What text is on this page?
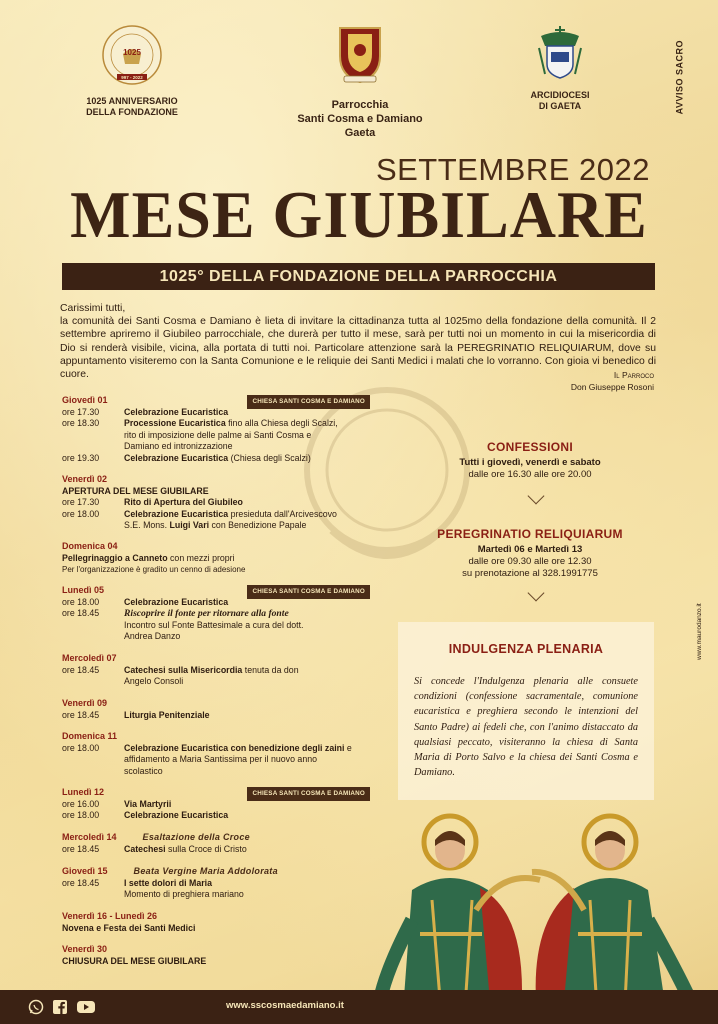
1025 ANNIVERSARIO
DELLA FONDAZIONE
1025
997 - 2022
Parrocchia
Santi Cosma e Damiano
Gaeta
ARCIDIOCESI
DI GAETA	AVVISO SACRO
SETTEMBRE 2022
MESE GIUBILARE
1025° DELLA FONDAZIONE DELLA PARROCCHIA
Carissimi tutti,
la comunità dei Santi Cosma e Damiano è lieta di invitare la cittadinanza tutta al 1025mo della fondazione della comunità. Il 2 settembre apriremo il Giubileo parrocchiale, che durerà per tutto il mese, sarà per tutti noi un momento in cui la misericordia di Dio si renderà visibile, vicina, alla portata di tutti noi. Particolare attenzione sarà la PEREGRINATIO RELIQUIARUM, dove su appuntamento visiteremo con la Santa Comunione e le reliquie dei Santi Medici i malati che lo vorranno. Con gioia vi benedico di cuore.	Il Parroco
Don Giuseppe Rosoni
CHIESA SANTI COSMA E DAMIANO
Giovedì 01
ore 17.30	Celebrazione Eucaristica
ore 18.30	Processione Eucaristica fino alla Chiesa degli Scalzi, rito di imposizione delle palme ai Santi Cosma e Damiano ed intronizzazione
ore 19.30	Celebrazione Eucaristica (Chiesa degli Scalzi)
Venerdì 02
APERTURA DEL MESE GIUBILARE
ore 17.30	Rito di Apertura del Giubileo
ore 18.00	Celebrazione Eucaristica presieduta dall'Arcivescovo S.E. Mons. Luigi Vari con Benedizione Papale
Domenica 04
Pellegrinaggio a Canneto con mezzi propri
Per l'organizzazione è gradito un cenno di adesione
CHIESA SANTI COSMA E DAMIANO
Lunedì 05
ore 18.00	Celebrazione Eucaristica
ore 18.45	Riscoprire il fonte per ritornare alla fonte
Incontro sul Fonte Battesimale a cura del dott. Andrea Danzo
Mercoledì 07
ore 18.45	Catechesi sulla Misericordia tenuta da don Angelo Consoli
Venerdì 09
ore 18.45	Liturgia Penitenziale
Domenica 11
ore 18.00	Celebrazione Eucaristica con benedizione degli zaini e affidamento a Maria Santissima per il nuovo anno scolastico
CHIESA SANTI COSMA E DAMIANO
Lunedì 12
ore 16.00	Via Martyrii
ore 18.00	Celebrazione Eucaristica
Mercoledì 14	Esaltazione della Croce
ore 18.45	Catechesi sulla Croce di Cristo
Giovedì 15	Beata Vergine Maria Addolorata
ore 18.45	I sette dolori di Maria
Momento di preghiera mariano
Venerdì 16 - Lunedì 26
Novena e Festa dei Santi Medici
Venerdì 30
CHIUSURA DEL MESE GIUBILARE
CONFESSIONI
Tutti i giovedì, venerdì e sabato
dalle ore 16.30 alle ore 20.00
PEREGRINATIO RELIQUIARUM
Martedì 06 e Martedì 13
dalle ore 09.30 alle ore 12.30
su prenotazione al 328.1991775
INDULGENZA PLENARIA
Si concede l'Indulgenza plenaria alle consuete condizioni (confessione sacramentale, comunione eucaristica e preghiera secondo le intenzioni del Santo Padre) ai fedeli che, con l'animo distaccato da qualsiasi peccato, visiteranno la chiesa di Santa Maria di Porto Salvo e la chiesa dei Santi Cosma e Damiano.
www.maurodanzo.it
www.sscosmaedamiano.it
